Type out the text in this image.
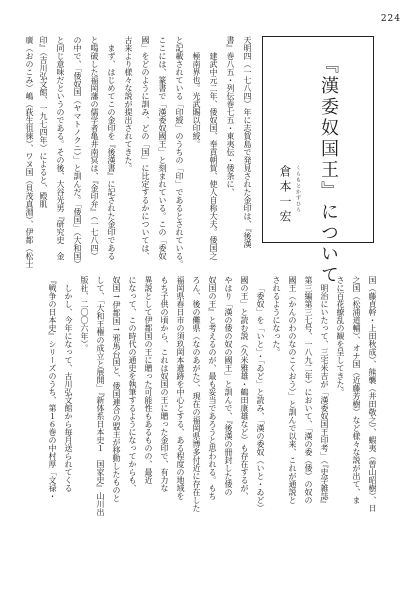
224
『漢委奴国王』について
倉本一宏 くらもとかずひろ
天明四（一七八四）年に志賀島で発見された金印は、『後漢
書』巻八五・列伝巻七五・東夷伝・倭条に、
建武中元二年、倭奴国、奉貢朝賀、使人自称大夫。倭国之
極南界也。光武賜以印綬。
と記載されている「印綬」のうちの「印」であるとされている。
ここには、篆書で「漢委奴國王」と刻まれている。この「委奴
國」をどのように訓み、どの「国」に比定するかについては、
古来より様々な説が提出されてきた。
まず、はじめてこの金印を『後漢書』に記された金印である
と喝破した福岡藩の儒学者亀井南冥は、『金印弁』（一七八四）
の中で、「倭奴国（ヤマトノクニ）」と訓んだ。「倭国」（大和国）
と同じ意味だというのである。その後、大谷光男『研究史　金
印』（吉川弘文館、一九七四年）によると、殿肌
廣（おのこみ）嶋（荻生徂徠）、ワヌ国（貝茂真淵）、伊都（松士
国（藤貞幹・上田秋成）、熊襲（井田敬之）、蝦夷（曽山昭樹）、日
之国（松浦道輔）、オナ国（近藤芳樹）など様々な説が出て、ま
さに百花繚乱の観を呈してきた。
明治にいたって、三宅米吉が「漢委奴国王印考」（『史学雑誌』
第三編第三七号、一八九二年）において、「漢の委（倭）の奴の
國王（かんのわのなのこくおう）」と訓んで以来、これが通説と
されるようになった。
「委奴」を「いと」・「ゐど」と読み、「漢の委奴（いと・ゐど）
國の王」と読む説（久米雅雄・鶴田康雄など）も存在するが、
やはり「漢の倭の奴の國王」と訓んで、『後漢の冊封した倭の
奴国の王』と考えるのが、最も妥当であろうと思われる。もち
ろん、後の儺県（なのあがた）、現在の福岡県博多付近に存在した
福岡県春日市の須玖岡本遺跡を中心とする、ある程度の地域を
もち子供の頃から、これは奴国の王に贈った金印で、有力な
異説として伊都国の王に贈った可能性もあるものの、最近
になって、この時代の通史を執筆するようになってからも、
奴国→伊都国→邪馬台国と、倭国連合の盟主が移動したものと
して、「大和王権の成立と展開」『新体系日本史１　国家史』山川出
版社、二〇〇六年）。
しかし、今年になって、古川弘文館から毎月送られてくる
『戦争の日本史』シリーズのうち、第１６巻の中村厚「文禄・
